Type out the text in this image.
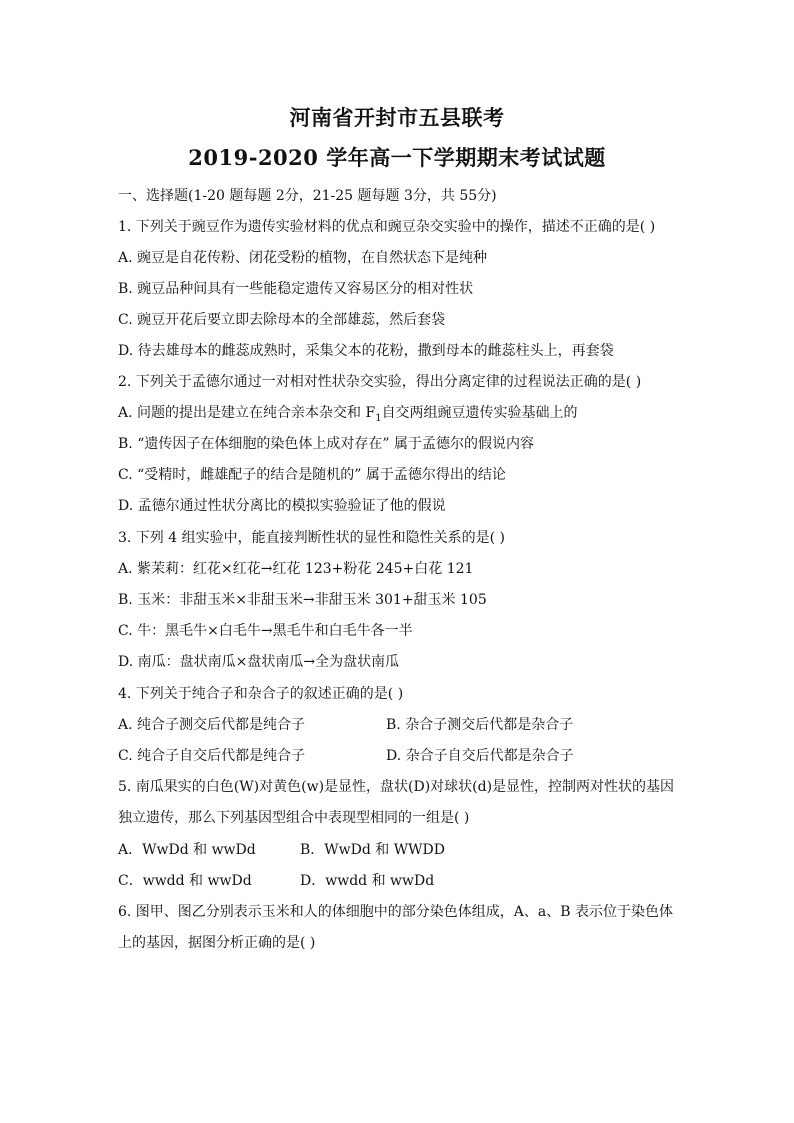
河南省开封市五县联考
2019-2020 学年高一下学期期末考试试题
一、选择题(1-20 题每题 2分，21-25 题每题 3分，共 55分)
1. 下列关于豌豆作为遗传实验材料的优点和豌豆杂交实验中的操作，描述不正确的是( )
A. 豌豆是自花传粉、闭花受粉的植物，在自然状态下是纯种
B. 豌豆品种间具有一些能稳定遗传又容易区分的相对性状
C. 豌豆开花后要立即去除母本的全部雄蕊，然后套袋
D. 待去雄母本的雌蕊成熟时，采集父本的花粉，撒到母本的雌蕊柱头上，再套袋
2. 下列关于孟德尔通过一对相对性状杂交实验，得出分离定律的过程说法正确的是( )
A. 问题的提出是建立在纯合亲本杂交和 $F_1$自交两组豌豆遗传实验基础上的
B. “遗传因子在体细胞的染色体上成对存在” 属于孟德尔的假说内容
C. “受精时，雌雄配子的结合是随机的” 属于孟德尔得出的结论
D. 孟德尔通过性状分离比的模拟实验验证了他的假说
3. 下列 4 组实验中，能直接判断性状的显性和隐性关系的是( )
A. 紫茉莉：红花×红花→红花 123+粉花 245+白花 121
B. 玉米：非甜玉米×非甜玉米→非甜玉米 301+甜玉米 105
C. 牛：黑毛牛×白毛牛→黑毛牛和白毛牛各一半
D. 南瓜：盘状南瓜×盘状南瓜→全为盘状南瓜
4. 下列关于纯合子和杂合子的叙述正确的是( )
A. 纯合子测交后代都是纯合子	B. 杂合子测交后代都是杂合子
C. 纯合子自交后代都是纯合子	D. 杂合子自交后代都是杂合子
5. 南瓜果实的白色(W)对黄色(w)是显性，盘状(D)对球状(d)是显性，控制两对性状的基因
独立遗传，那么下列基因型组合中表现型相同的一组是( )
A．WwDd 和 wwDd	B．WwDd 和 WWDD
C．wwdd 和 wwDd	D．wwdd 和 wwDd
6. 图甲、图乙分别表示玉米和人的体细胞中的部分染色体组成，A、a、B 表示位于染色体
上的基因，据图分析正确的是( )
